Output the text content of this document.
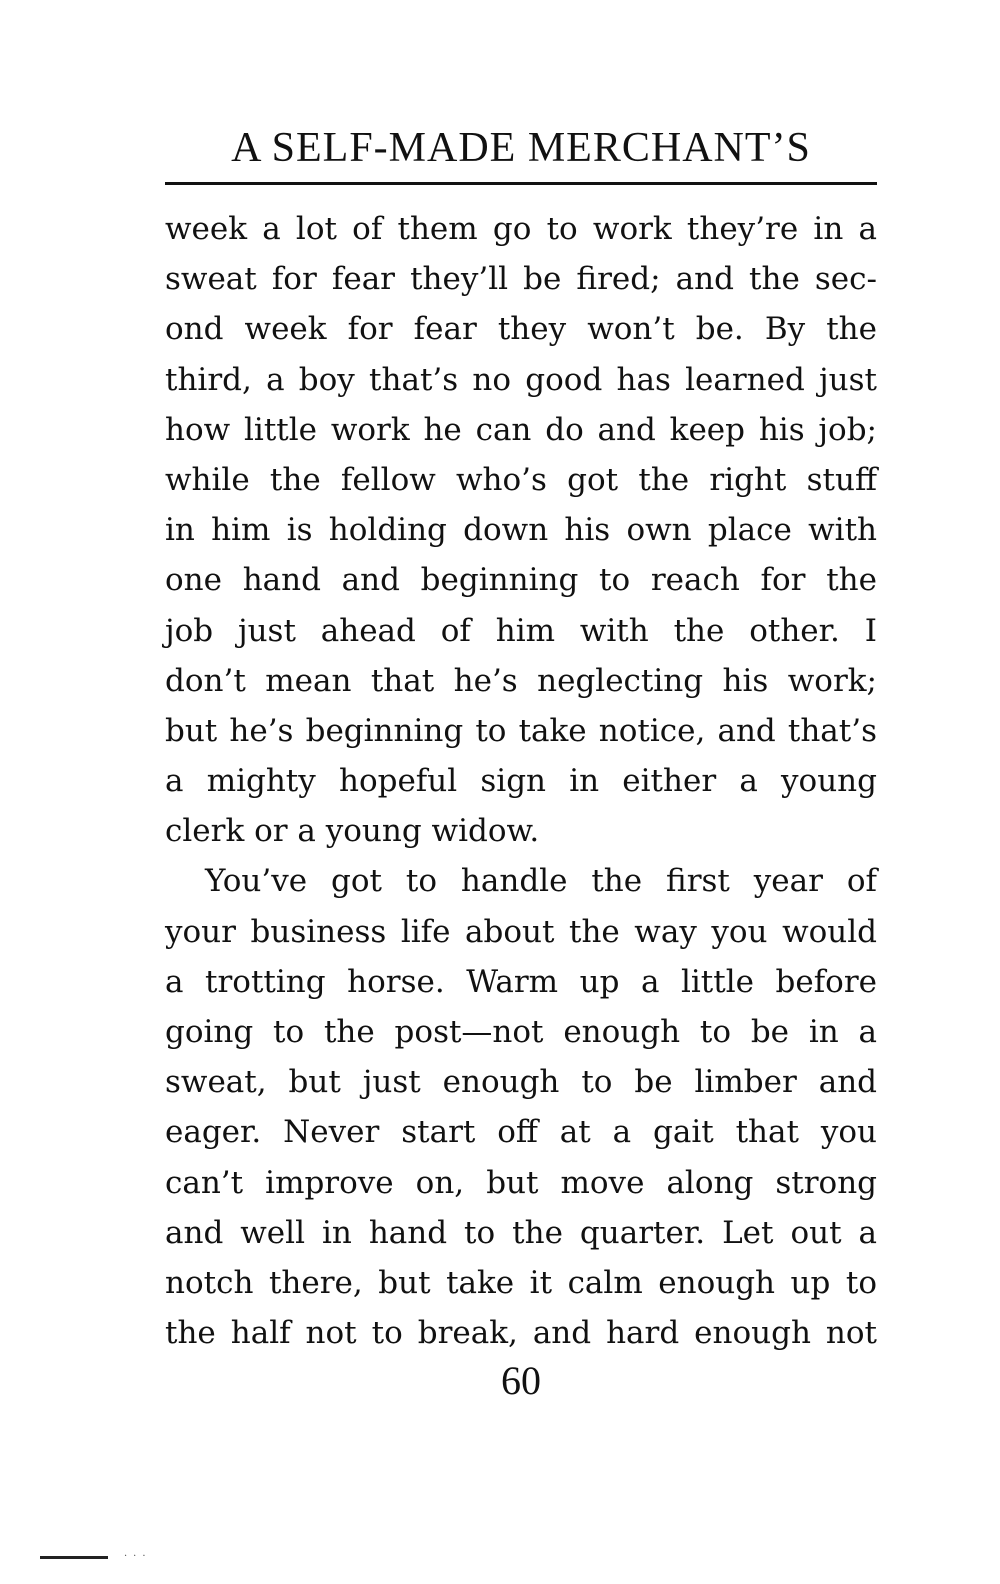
A SELF-MADE MERCHANT’S
week a lot of them go to work they’re in a
sweat for fear they’ll be fired; and the sec-
ond week for fear they won’t be. By the
third, a boy that’s no good has learned just
how little work he can do and keep his job;
while the fellow who’s got the right stuff
in him is holding down his own place with
one hand and beginning to reach for the
job just ahead of him with the other. I
don’t mean that he’s neglecting his work;
but he’s beginning to take notice, and that’s
a mighty hopeful sign in either a young
clerk or a young widow.
You’ve got to handle the first year of
your business life about the way you would
a trotting horse. Warm up a little before
going to the post—not enough to be in a
sweat, but just enough to be limber and
eager. Never start off at a gait that you
can’t improve on, but move along strong
and well in hand to the quarter. Let out a
notch there, but take it calm enough up to
the half not to break, and hard enough not
60
···
